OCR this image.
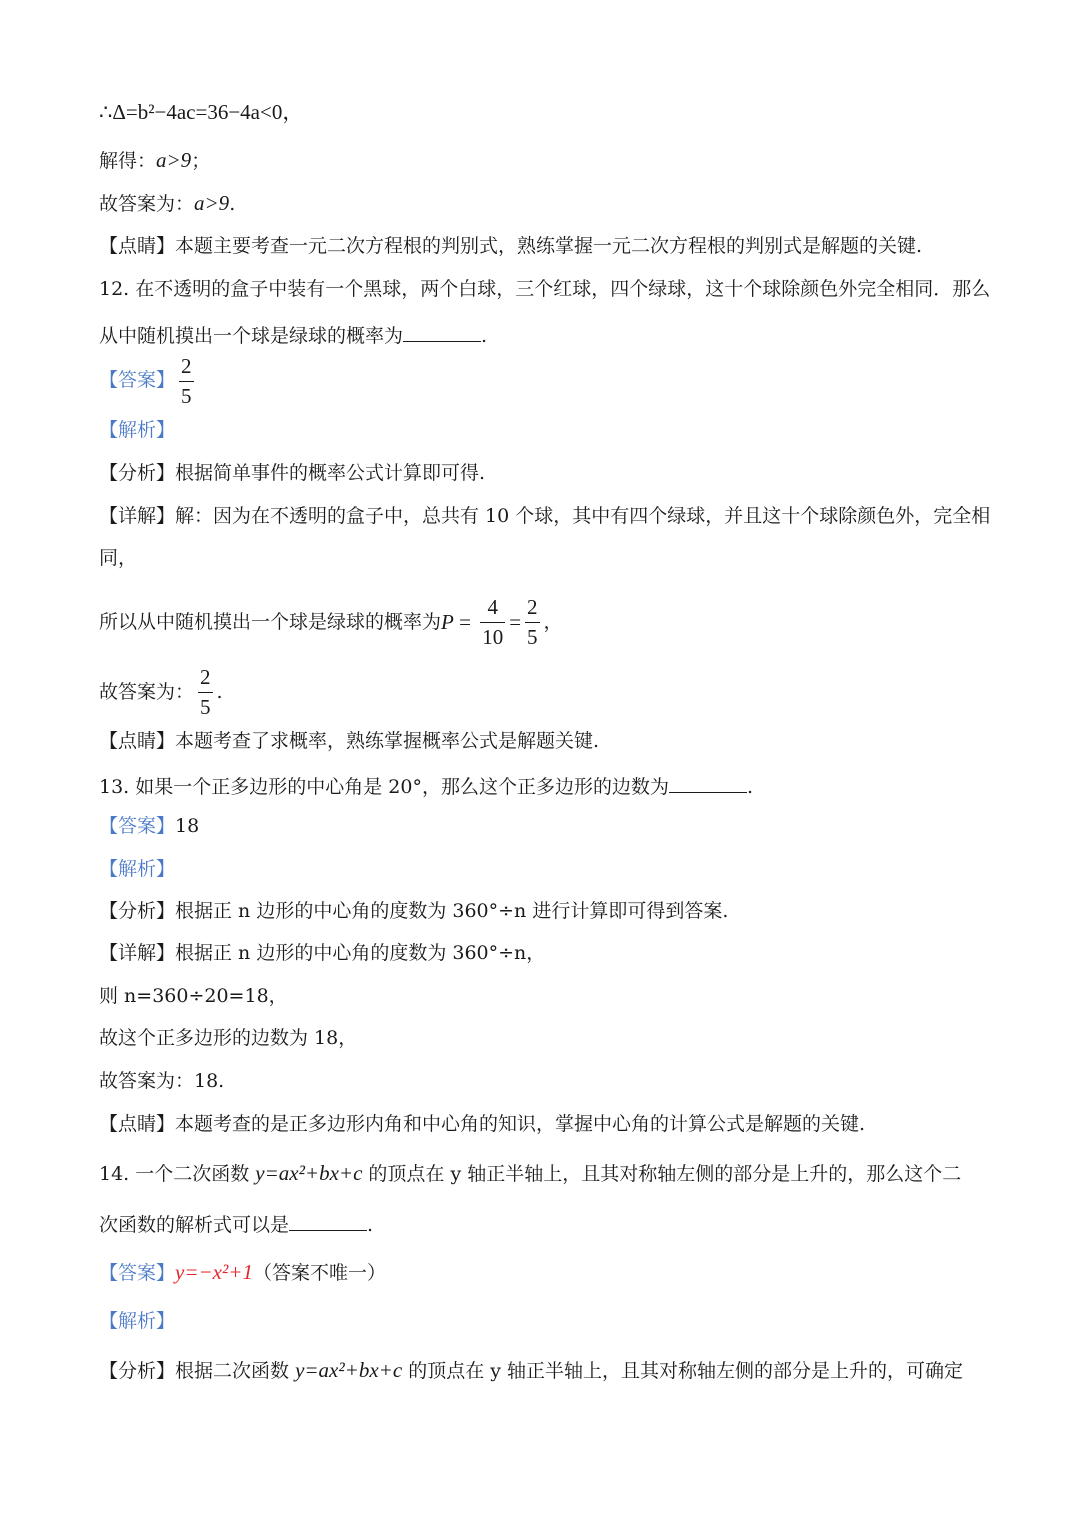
∴Δ=b²−4ac=36−4a<0，
解得：a>9；
故答案为：a>9.
【点睛】本题主要考查一元二次方程根的判别式，熟练掌握一元二次方程根的判别式是解题的关键.
12. 在不透明的盒子中装有一个黑球，两个白球，三个红球，四个绿球，这十个球除颜色外完全相同．那么
从中随机摸出一个球是绿球的概率为	.
【答案】 $\frac{2}{5}$
【解析】
【分析】根据简单事件的概率公式计算即可得.
【详解】解：因为在不透明的盒子中，总共有 10 个球，其中有四个绿球，并且这十个球除颜色外，完全相
同，
所以从中随机摸出一个球是绿球的概率为$P = \frac{4}{10} = \frac{2}{5}$ ，
故答案为： $\frac{2}{5}$ .
【点睛】本题考查了求概率，熟练掌握概率公式是解题关键.
13. 如果一个正多边形的中心角是 20°，那么这个正多边形的边数为	.
【答案】18
【解析】
【分析】根据正 n 边形的中心角的度数为 360°÷n 进行计算即可得到答案.
【详解】根据正 n 边形的中心角的度数为 360°÷n，
则 n=360÷20=18，
故这个正多边形的边数为 18，
故答案为：18.
【点睛】本题考查的是正多边形内角和中心角的知识，掌握中心角的计算公式是解题的关键.
14. 一个二次函数 y=ax²+bx+c 的顶点在 y 轴正半轴上，且其对称轴左侧的部分是上升的，那么这个二
次函数的解析式可以是	.
【答案】y=−x²+1（答案不唯一）
【解析】
【分析】根据二次函数 y=ax²+bx+c 的顶点在 y 轴正半轴上，且其对称轴左侧的部分是上升的，可确定
